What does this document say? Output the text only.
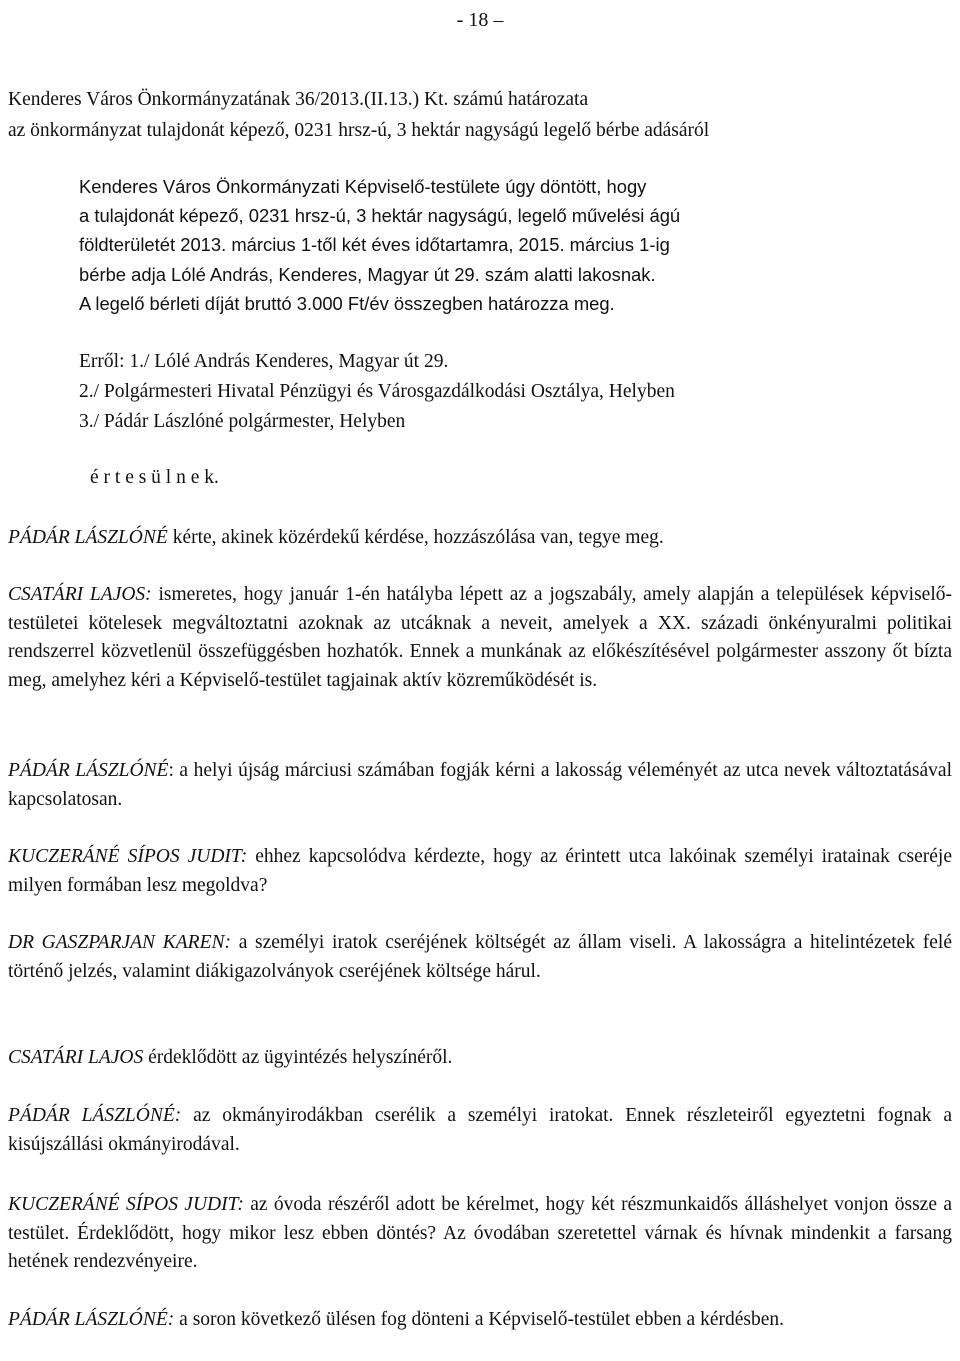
- 18 –

Kenderes Város Önkormányzatának 36/2013.(II.13.) Kt. számú határozata

az önkormányzat tulajdonát képező, 0231 hrsz-ú, 3 hektár nagyságú legelő bérbe adásáról

Kenderes Város Önkormányzati Képviselő-testülete úgy döntött, hogy

a tulajdonát képező, 0231 hrsz-ú, 3 hektár nagyságú, legelő művelési ágú

földterületét 2013. március 1-től két éves időtartamra, 2015. március 1-ig

bérbe adja Lólé András, Kenderes, Magyar út 29. szám alatti lakosnak.

A legelő bérleti díját bruttó 3.000 Ft/év összegben határozza meg.

Erről: 1./ Lólé András Kenderes, Magyar út 29.

2./ Polgármesteri Hivatal Pénzügyi és Városgazdálkodási Osztálya, Helyben

3./ Pádár Lászlóné polgármester, Helyben

é r t e s ü l n e k.
PÁDÁR LÁSZLÓNÉ kérte, akinek közérdekű kérdése, hozzászólása van, tegye meg.
CSATÁRI LAJOS: ismeretes, hogy január 1-én hatályba lépett az a jogszabály, amely alapján a települések képviselő-testületei kötelesek megváltoztatni azoknak az utcáknak a neveit, amelyek a XX. századi önkényuralmi politikai rendszerrel közvetlenül összefüggésben hozhatók. Ennek a munkának az előkészítésével polgármester asszony őt bízta meg, amelyhez kéri a Képviselő-testület tagjainak aktív közreműködését is.
PÁDÁR LÁSZLÓNÉ: a helyi újság márciusi számában fogják kérni a lakosság véleményét az utca nevek változtatásával kapcsolatosan.
KUCZERÁNÉ SÍPOS JUDIT: ehhez kapcsolódva kérdezte, hogy az érintett utca lakóinak személyi iratainak cseréje milyen formában lesz megoldva?
DR GASZPARJAN KAREN: a személyi iratok cseréjének költségét az állam viseli. A lakosságra a hitelintézetek felé történő jelzés, valamint diákigazolványok cseréjének költsége hárul.
CSATÁRI LAJOS érdeklődött az ügyintézés helyszínéről.
PÁDÁR LÁSZLÓNÉ: az okmányirodákban cserélik a személyi iratokat. Ennek részleteiről egyeztetni fognak a kisújszállási okmányirodával.
KUCZERÁNÉ SÍPOS JUDIT: az óvoda részéről adott be kérelmet, hogy két részmunkaidős álláshelyet vonjon össze a testület. Érdeklődött, hogy mikor lesz ebben döntés? Az óvodában szeretettel várnak és hívnak mindenkit a farsang hetének rendezvényeire.
PÁDÁR LÁSZLÓNÉ: a soron következő ülésen fog dönteni a Képviselő-testület ebben a kérdésben.
